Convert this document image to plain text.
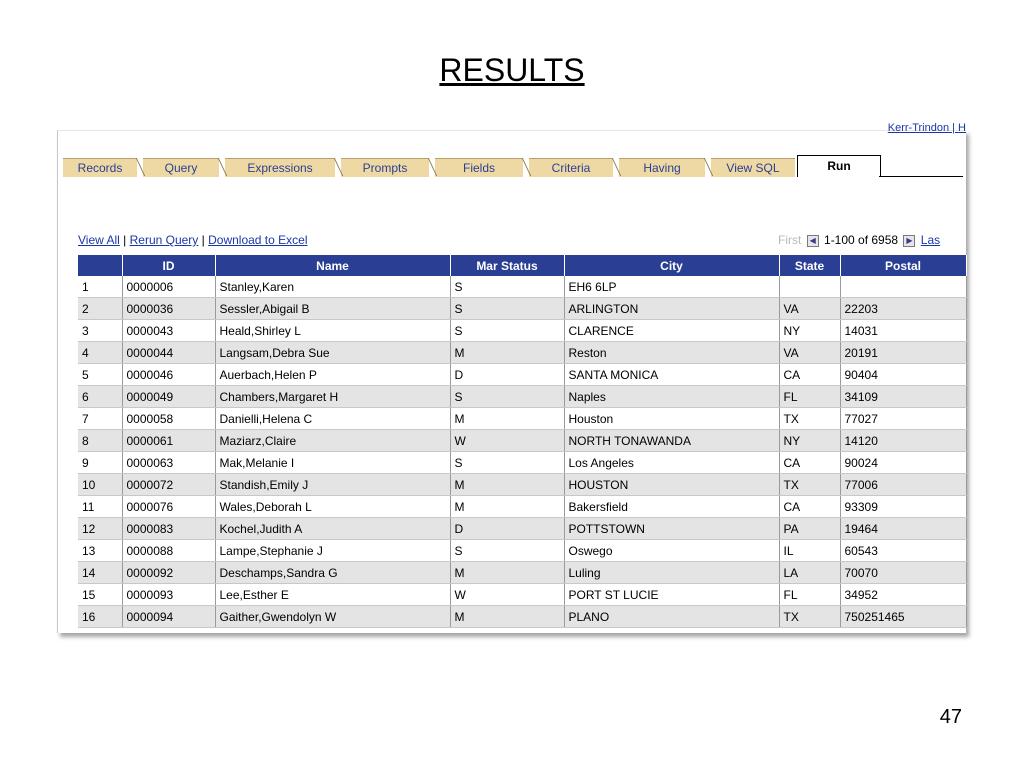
RESULTS
Kerr-Trindon | H
Records	Query	Expressions	Prompts	Fields	Criteria	Having	View SQL	Run
View All | Rerun Query | Download to Excel	First ◀ 1-100 of 6958 ▶ Las
	ID	Name	Mar Status	City	State	Postal
1	0000006	Stanley,Karen	S	EH6 6LP		
2	0000036	Sessler,Abigail B	S	ARLINGTON	VA	22203
3	0000043	Heald,Shirley L	S	CLARENCE	NY	14031
4	0000044	Langsam,Debra Sue	M	Reston	VA	20191
5	0000046	Auerbach,Helen P	D	SANTA MONICA	CA	90404
6	0000049	Chambers,Margaret H	S	Naples	FL	34109
7	0000058	Danielli,Helena C	M	Houston	TX	77027
8	0000061	Maziarz,Claire	W	NORTH TONAWANDA	NY	14120
9	0000063	Mak,Melanie I	S	Los Angeles	CA	90024
10	0000072	Standish,Emily J	M	HOUSTON	TX	77006
11	0000076	Wales,Deborah L	M	Bakersfield	CA	93309
12	0000083	Kochel,Judith A	D	POTTSTOWN	PA	19464
13	0000088	Lampe,Stephanie J	S	Oswego	IL	60543
14	0000092	Deschamps,Sandra G	M	Luling	LA	70070
15	0000093	Lee,Esther E	W	PORT ST LUCIE	FL	34952
16	0000094	Gaither,Gwendolyn W	M	PLANO	TX	750251465
47
